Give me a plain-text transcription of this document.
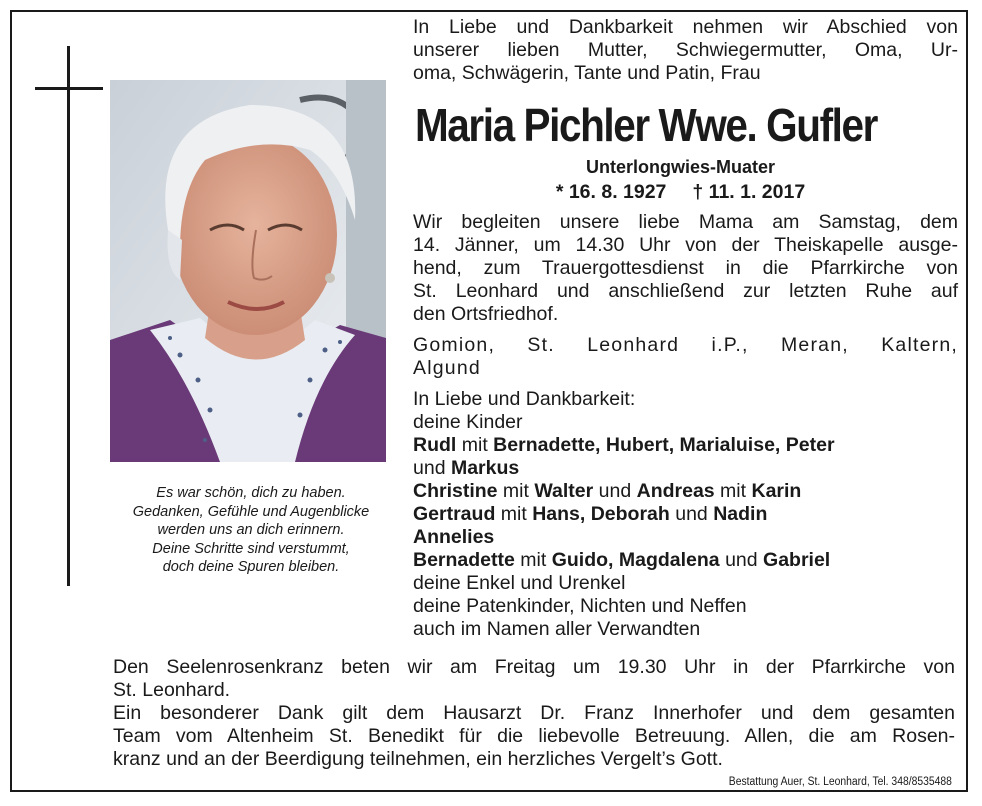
Es war schön, dich zu haben.
Gedanken, Gefühle und Augenblicke
werden uns an dich erinnern.
Deine Schritte sind verstummt,
doch deine Spuren bleiben.
In Liebe und Dankbarkeit nehmen wir Abschied von
unserer lieben Mutter, Schwiegermutter, Oma, Ur-
oma, Schwägerin, Tante und Patin, Frau
Maria Pichler Wwe. Gufler
Unterlongwies-Muater
* 16. 8. 1927 † 11. 1. 2017
Wir begleiten unsere liebe Mama am Samstag, dem
14. Jänner, um 14.30 Uhr von der Theiskapelle ausge-
hend, zum Trauergottesdienst in die Pfarrkirche von
St. Leonhard und anschließend zur letzten Ruhe auf
den Ortsfriedhof.
Gomion, St. Leonhard i.P., Meran, Kaltern,
Algund
In Liebe und Dankbarkeit:
deine Kinder
Rudl mit Bernadette, Hubert, Marialuise, Peter
und Markus
Christine mit Walter und Andreas mit Karin
Gertraud mit Hans, Deborah und Nadin
Annelies
Bernadette mit Guido, Magdalena und Gabriel
deine Enkel und Urenkel
deine Patenkinder, Nichten und Neffen
auch im Namen aller Verwandten
Den Seelenrosenkranz beten wir am Freitag um 19.30 Uhr in der Pfarrkirche von
St. Leonhard.
Ein besonderer Dank gilt dem Hausarzt Dr. Franz Innerhofer und dem gesamten
Team vom Altenheim St. Benedikt für die liebevolle Betreuung. Allen, die am Rosen-
kranz und an der Beerdigung teilnehmen, ein herzliches Vergelt’s Gott.
Bestattung Auer, St. Leonhard, Tel. 348/8535488
